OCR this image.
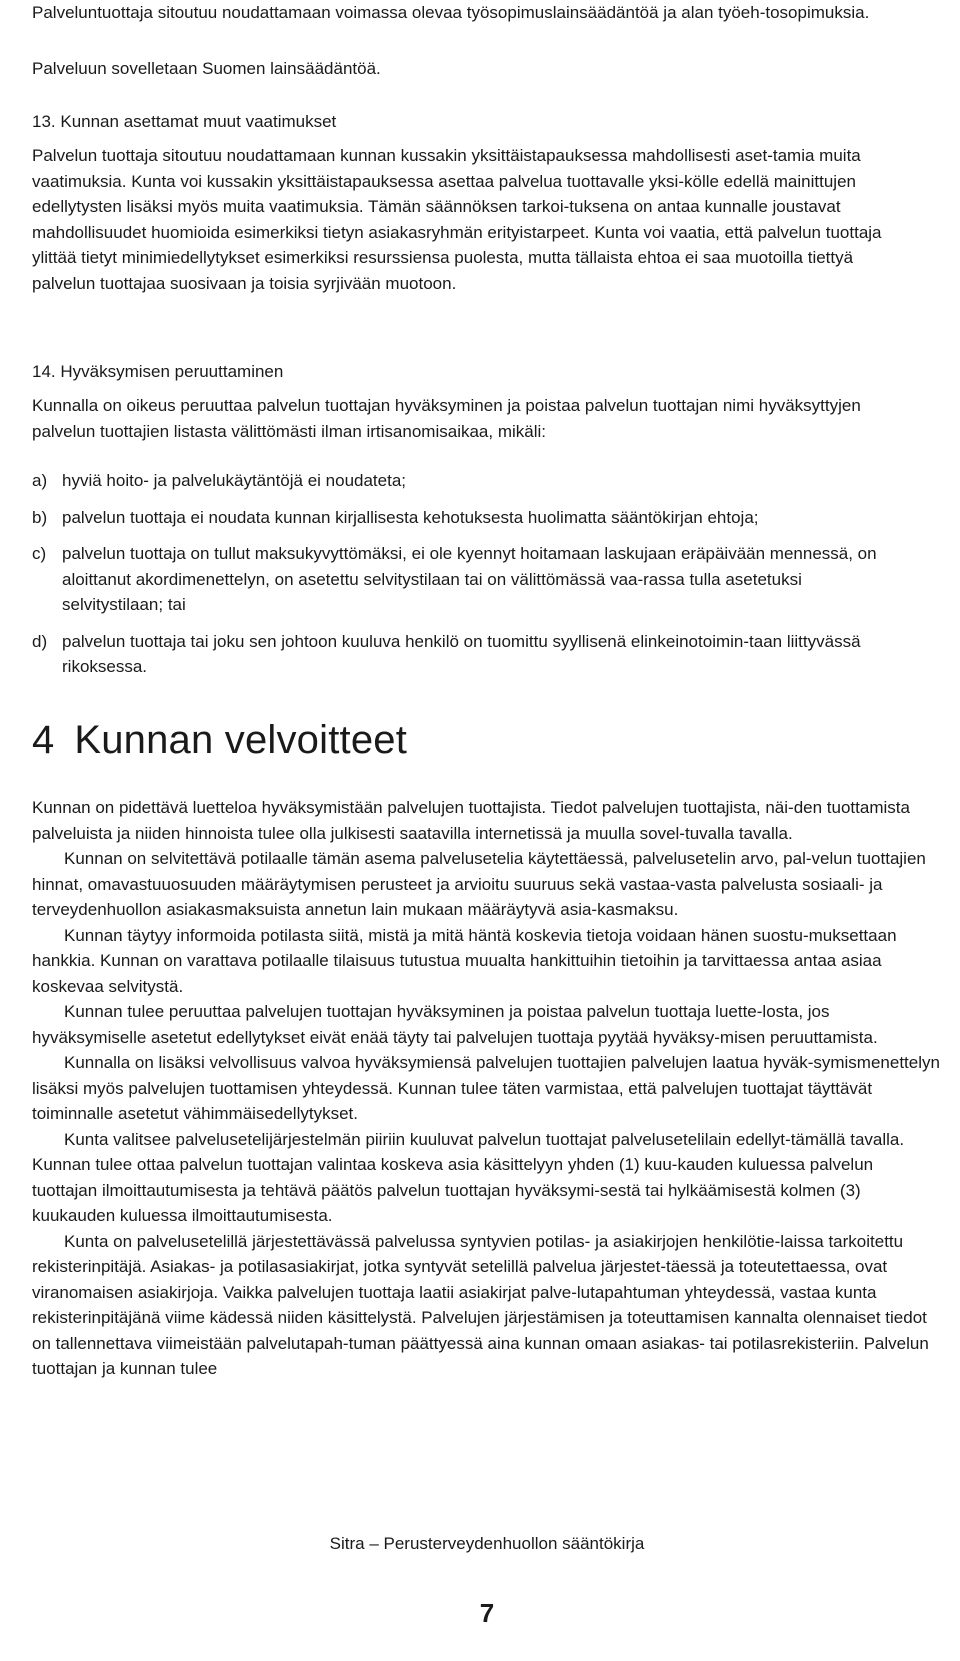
Palveluntuottaja sitoutuu noudattamaan voimassa olevaa työsopimuslainsäädäntöä ja alan työeh-tosopimuksia.

Palveluun sovelletaan Suomen lainsäädäntöä.

13. Kunnan asettamat muut vaatimukset

Palvelun tuottaja sitoutuu noudattamaan kunnan kussakin yksittäistapauksessa mahdollisesti aset-tamia muita vaatimuksia. Kunta voi kussakin yksittäistapauksessa asettaa palvelua tuottavalle yksi-kölle edellä mainittujen edellytysten lisäksi myös muita vaatimuksia. Tämän säännöksen tarkoi-tuksena on antaa kunnalle joustavat mahdollisuudet huomioida esimerkiksi tietyn asiakasryhmän erityistarpeet. Kunta voi vaatia, että palvelun tuottaja ylittää tietyt minimiedellytykset esimerkiksi resurssiensa puolesta, mutta tällaista ehtoa ei saa muotoilla tiettyä palvelun tuottajaa suosivaan ja toisia syrjivään muotoon.

14. Hyväksymisen peruuttaminen

Kunnalla on oikeus peruuttaa palvelun tuottajan hyväksyminen ja poistaa palvelun tuottajan nimi hyväksyttyjen palvelun tuottajien listasta välittömästi ilman irtisanomisaikaa, mikäli:

a) hyviä hoito- ja palvelukäytäntöjä ei noudateta;
b) palvelun tuottaja ei noudata kunnan kirjallisesta kehotuksesta huolimatta sääntökirjan ehtoja;
c) palvelun tuottaja on tullut maksukyvyttömäksi, ei ole kyennyt hoitamaan laskujaan eräpäivään mennessä, on aloittanut akordimenettelyn, on asetettu selvitystilaan tai on välittömässä vaa-rassa tulla asetetuksi selvitystilaan; tai
d) palvelun tuottaja tai joku sen johtoon kuuluva henkilö on tuomittu syyllisenä elinkeinotoimin-taan liittyvässä rikoksessa.
4 Kunnan velvoitteet

Kunnan on pidettävä luetteloa hyväksymistään palvelujen tuottajista. Tiedot palvelujen tuottajista, näi-den tuottamista palveluista ja niiden hinnoista tulee olla julkisesti saatavilla internetissä ja muulla sovel-tuvalla tavalla.

Kunnan on selvitettävä potilaalle tämän asema palvelusetelia käytettäessä, palvelusetelin arvo, pal-velun tuottajien hinnat, omavastuuosuuden määräytymisen perusteet ja arvioitu suuruus sekä vastaa-vasta palvelusta sosiaali- ja terveydenhuollon asiakasmaksuista annetun lain mukaan määräytyvä asia-kasmaksu.

Kunnan täytyy informoida potilasta siitä, mistä ja mitä häntä koskevia tietoja voidaan hänen suostu-muksettaan hankkia. Kunnan on varattava potilaalle tilaisuus tutustua muualta hankittuihin tietoihin ja tarvittaessa antaa asiaa koskevaa selvitystä.

Kunnan tulee peruuttaa palvelujen tuottajan hyväksyminen ja poistaa palvelun tuottaja luette-losta, jos hyväksymiselle asetetut edellytykset eivät enää täyty tai palvelujen tuottaja pyytää hyväksy-misen peruuttamista.

Kunnalla on lisäksi velvollisuus valvoa hyväksymiensä palvelujen tuottajien palvelujen laatua hyväk-symismenettelyn lisäksi myös palvelujen tuottamisen yhteydessä. Kunnan tulee täten varmistaa, että palvelujen tuottajat täyttävät toiminnalle asetetut vähimmäisedellytykset.

Kunta valitsee palvelusetelijärjestelmän piiriin kuuluvat palvelun tuottajat palvelusetelilain edellyt-tämällä tavalla. Kunnan tulee ottaa palvelun tuottajan valintaa koskeva asia käsittelyyn yhden (1) kuu-kauden kuluessa palvelun tuottajan ilmoittautumisesta ja tehtävä päätös palvelun tuottajan hyväksymi-sestä tai hylkäämisestä kolmen (3) kuukauden kuluessa ilmoittautumisesta.

Kunta on palvelusetelillä järjestettävässä palvelussa syntyvien potilas- ja asiakirjojen henkilötie-laissa tarkoitettu rekisterinpitäjä. Asiakas- ja potilasasiakirjat, jotka syntyvät setelillä palvelua järjestet-täessä ja toteutettaessa, ovat viranomaisen asiakirjoja. Vaikka palvelujen tuottaja laatii asiakirjat palve-lutapahtuman yhteydessä, vastaa kunta rekisterinpitäjänä viime kädessä niiden käsittelystä. Palvelujen järjestämisen ja toteuttamisen kannalta olennaiset tiedot on tallennettava viimeistään palvelutapah-tuman päättyessä aina kunnan omaan asiakas- tai potilasrekisteriin. Palvelun tuottajan ja kunnan tulee

Sitra – Perusterveydenhuollon sääntökirja
7
